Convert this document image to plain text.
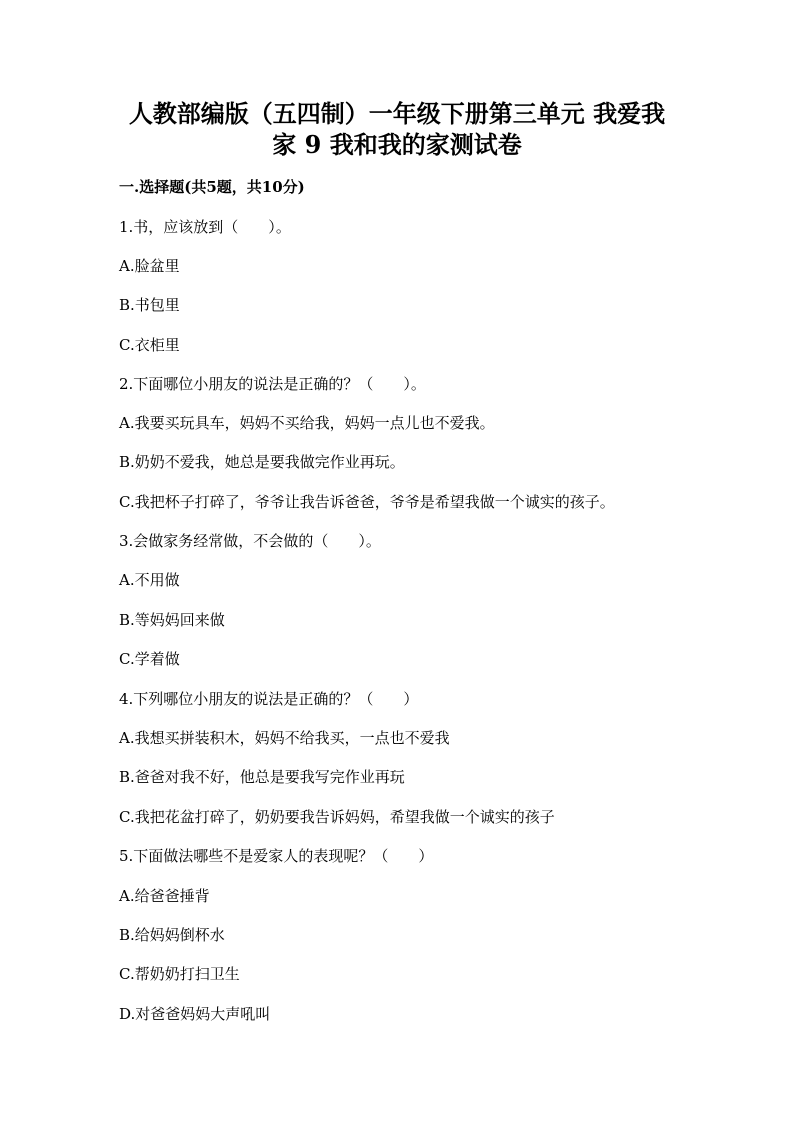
人教部编版（五四制）一年级下册第三单元 我爱我
家 9 我和我的家测试卷
一.选择题(共5题，共10分)
1.书，应该放到（　　）。
A.脸盆里
B.书包里
C.衣柜里
2.下面哪位小朋友的说法是正确的？（　　）。
A.我要买玩具车，妈妈不买给我，妈妈一点儿也不爱我。
B.奶奶不爱我，她总是要我做完作业再玩。
C.我把杯子打碎了，爷爷让我告诉爸爸，爷爷是希望我做一个诚实的孩子。
3.会做家务经常做，不会做的（　　）。
A.不用做
B.等妈妈回来做
C.学着做
4.下列哪位小朋友的说法是正确的？（　　）
A.我想买拼装积木，妈妈不给我买，一点也不爱我
B.爸爸对我不好，他总是要我写完作业再玩
C.我把花盆打碎了，奶奶要我告诉妈妈，希望我做一个诚实的孩子
5.下面做法哪些不是爱家人的表现呢？（　　）
A.给爸爸捶背
B.给妈妈倒杯水
C.帮奶奶打扫卫生
D.对爸爸妈妈大声吼叫
